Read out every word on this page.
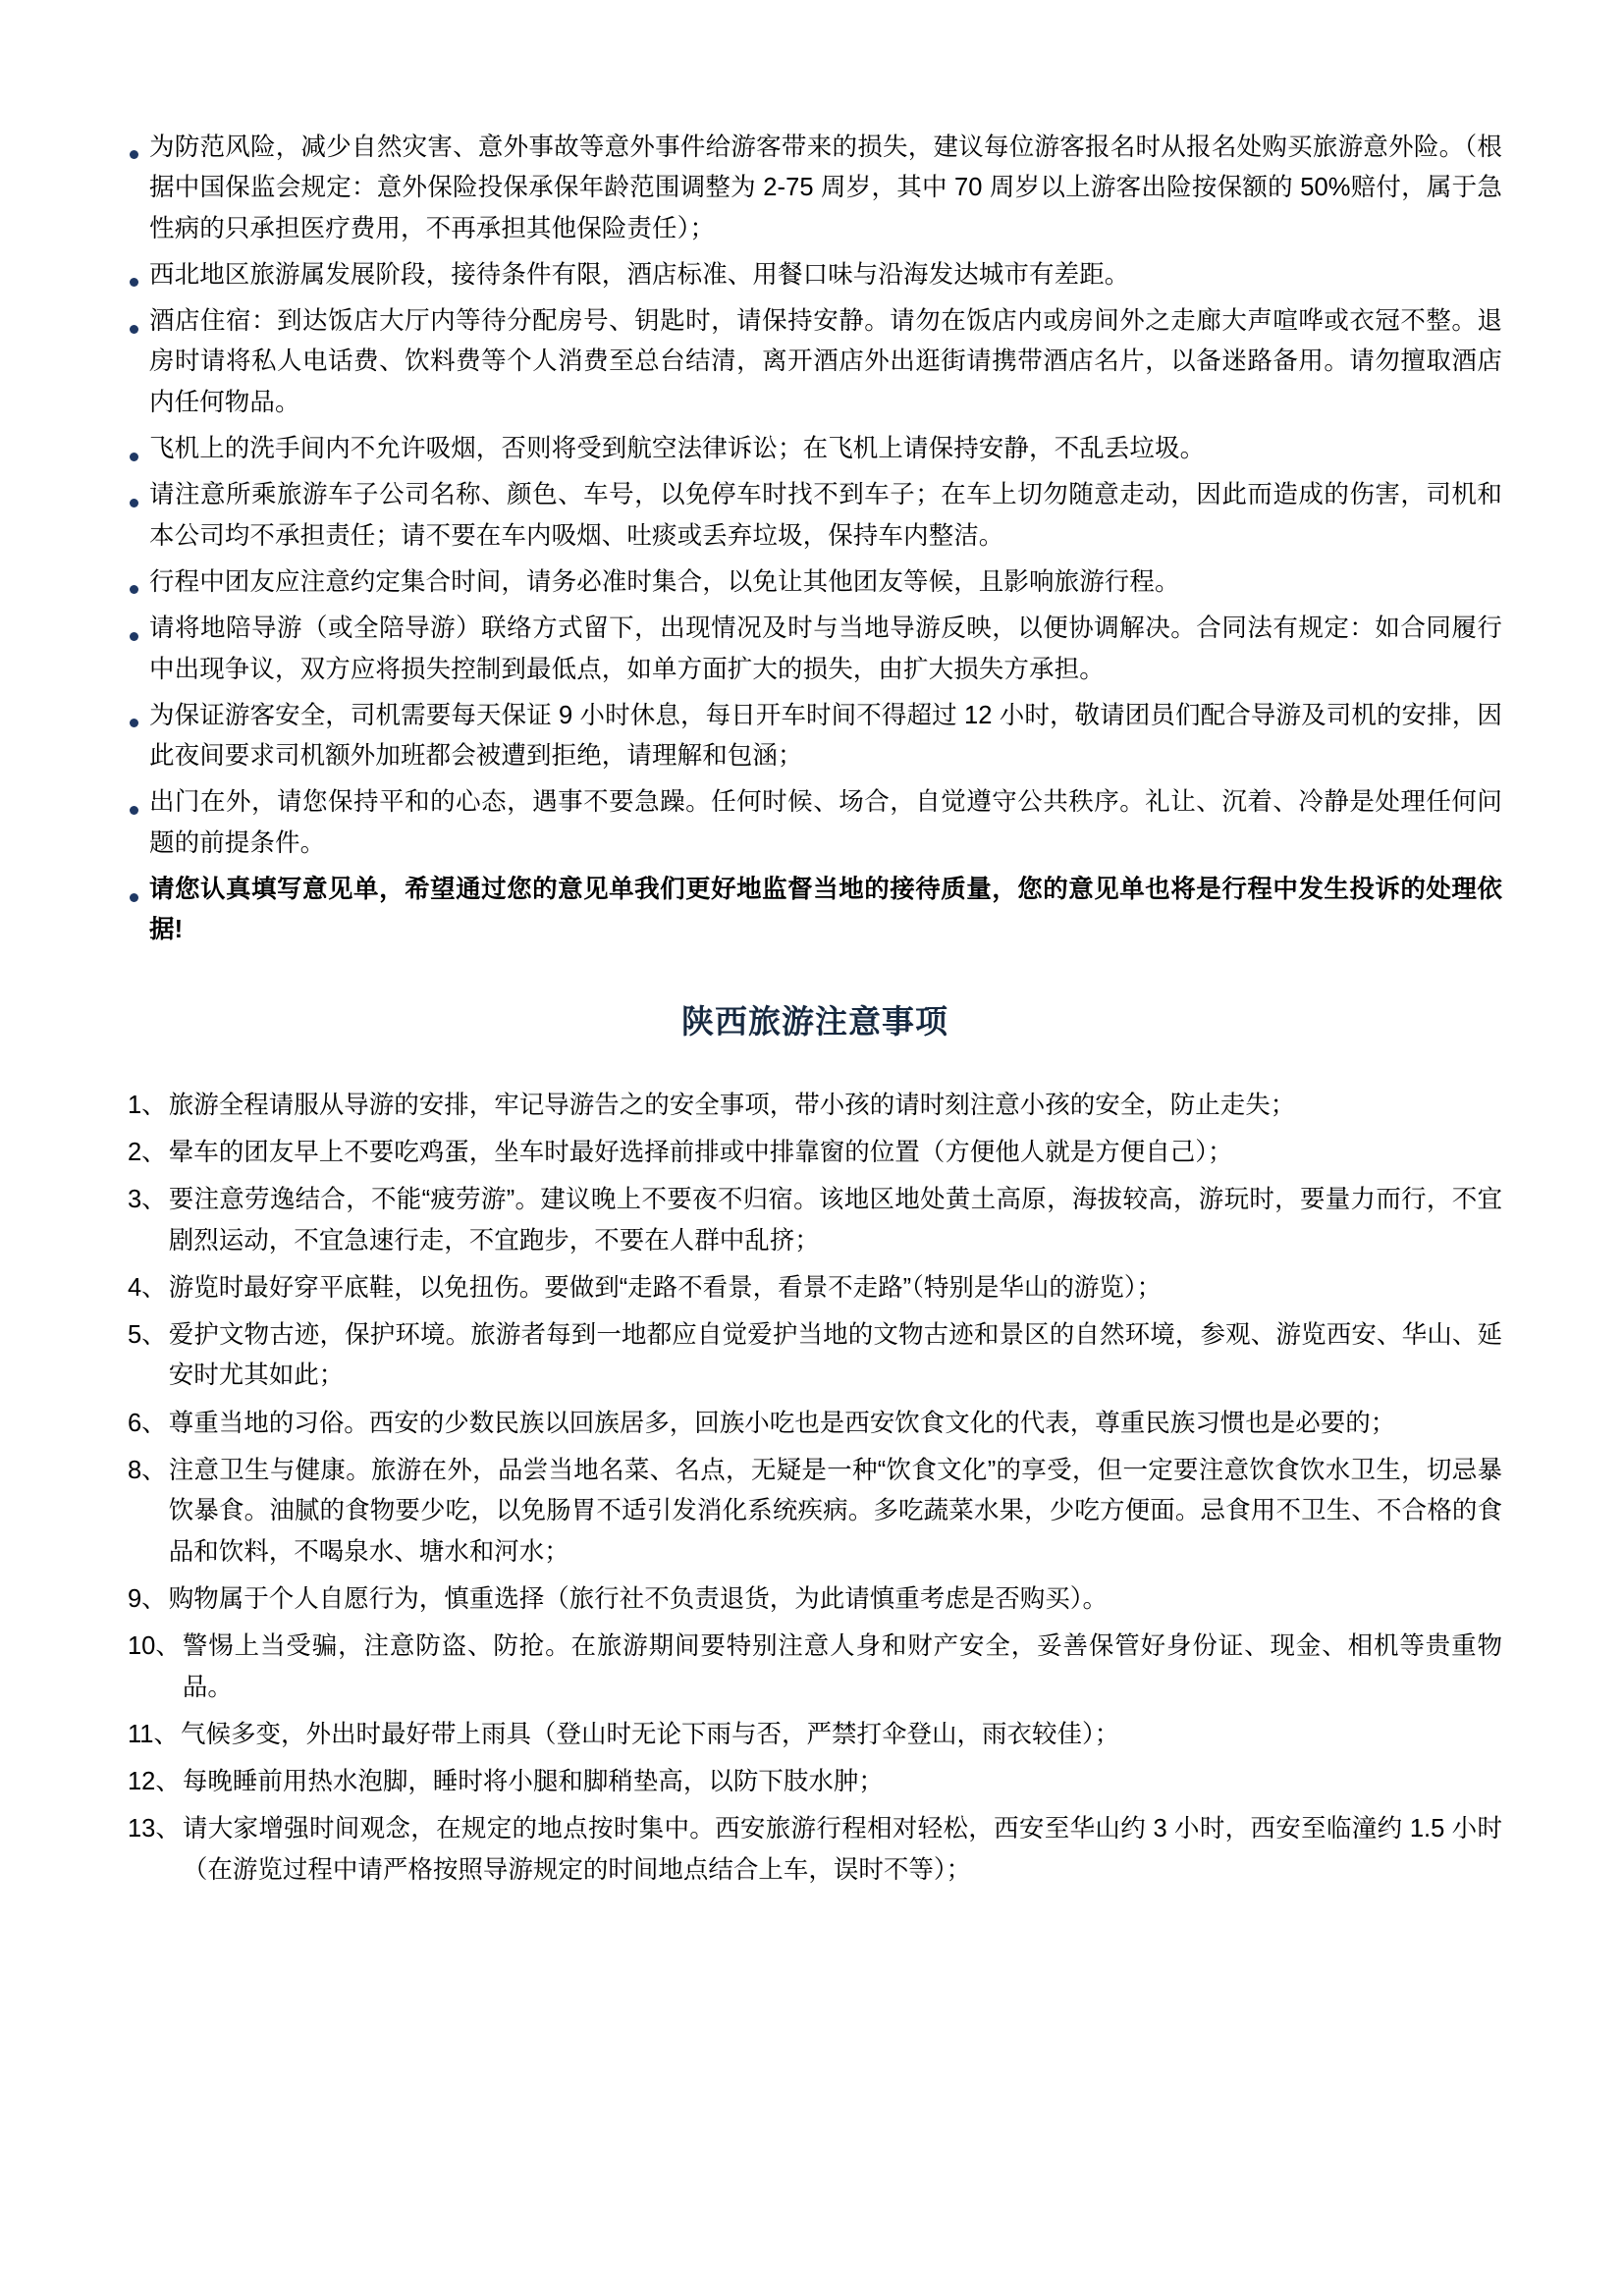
为防范风险，减少自然灾害、意外事故等意外事件给游客带来的损失，建议每位游客报名时从报名处购买旅游意外险。（根据中国保监会规定：意外保险投保承保年龄范围调整为 2-75 周岁，其中 70 周岁以上游客出险按保额的 50%赔付，属于急性病的只承担医疗费用，不再承担其他保险责任）；
西北地区旅游属发展阶段，接待条件有限，酒店标准、用餐口味与沿海发达城市有差距。
酒店住宿：到达饭店大厅内等待分配房号、钥匙时，请保持安静。请勿在饭店内或房间外之走廊大声喧哗或衣冠不整。退房时请将私人电话费、饮料费等个人消费至总台结清，离开酒店外出逛街请携带酒店名片，以备迷路备用。请勿擅取酒店内任何物品。
飞机上的洗手间内不允许吸烟，否则将受到航空法律诉讼；在飞机上请保持安静，不乱丢垃圾。
请注意所乘旅游车子公司名称、颜色、车号，以免停车时找不到车子；在车上切勿随意走动，因此而造成的伤害，司机和本公司均不承担责任；请不要在车内吸烟、吐痰或丢弃垃圾，保持车内整洁。
行程中团友应注意约定集合时间，请务必准时集合，以免让其他团友等候，且影响旅游行程。
请将地陪导游（或全陪导游）联络方式留下，出现情况及时与当地导游反映，以便协调解决。合同法有规定：如合同履行中出现争议，双方应将损失控制到最低点，如单方面扩大的损失，由扩大损失方承担。
为保证游客安全，司机需要每天保证 9 小时休息，每日开车时间不得超过 12 小时，敬请团员们配合导游及司机的安排，因此夜间要求司机额外加班都会被遭到拒绝，请理解和包涵；
出门在外，请您保持平和的心态，遇事不要急躁。任何时候、场合，自觉遵守公共秩序。礼让、沉着、冷静是处理任何问题的前提条件。
请您认真填写意见单，希望通过您的意见单我们更好地监督当地的接待质量，您的意见单也将是行程中发生投诉的处理依据!
陕西旅游注意事项
1、 旅游全程请服从导游的安排，牢记导游告之的安全事项，带小孩的请时刻注意小孩的安全，防止走失；
2、 晕车的团友早上不要吃鸡蛋，坐车时最好选择前排或中排靠窗的位置（方便他人就是方便自己）；
3、 要注意劳逸结合，不能“疲劳游”。建议晚上不要夜不归宿。该地区地处黄土高原，海拔较高，游玩时，要量力而行，不宜剧烈运动，不宜急速行走，不宜跑步，不要在人群中乱挤；
4、 游览时最好穿平底鞋，以免扭伤。要做到“走路不看景，看景不走路”（特别是华山的游览）；
5、 爱护文物古迹，保护环境。旅游者每到一地都应自觉爱护当地的文物古迹和景区的自然环境，参观、游览西安、华山、延安时尤其如此；
6、 尊重当地的习俗。西安的少数民族以回族居多，回族小吃也是西安饮食文化的代表，尊重民族习惯也是必要的；
8、 注意卫生与健康。旅游在外，品尝当地名菜、名点，无疑是一种“饮食文化”的享受，但一定要注意饮食饮水卫生，切忌暴饮暴食。油腻的食物要少吃，以免肠胃不适引发消化系统疾病。多吃蔬菜水果，少吃方便面。忌食用不卫生、不合格的食品和饮料，不喝泉水、塘水和河水；
9、 购物属于个人自愿行为，慎重选择（旅行社不负责退货，为此请慎重考虑是否购买）。
10、 警惕上当受骗，注意防盗、防抢。在旅游期间要特别注意人身和财产安全，妥善保管好身份证、现金、相机等贵重物品。
11、 气候多变，外出时最好带上雨具（登山时无论下雨与否，严禁打伞登山，雨衣较佳）；
12、 每晚睡前用热水泡脚，睡时将小腿和脚稍垫高，以防下肢水肿；
13、 请大家增强时间观念，在规定的地点按时集中。西安旅游行程相对轻松，西安至华山约 3 小时，西安至临潼约 1.5 小时（在游览过程中请严格按照导游规定的时间地点结合上车，误时不等）；
